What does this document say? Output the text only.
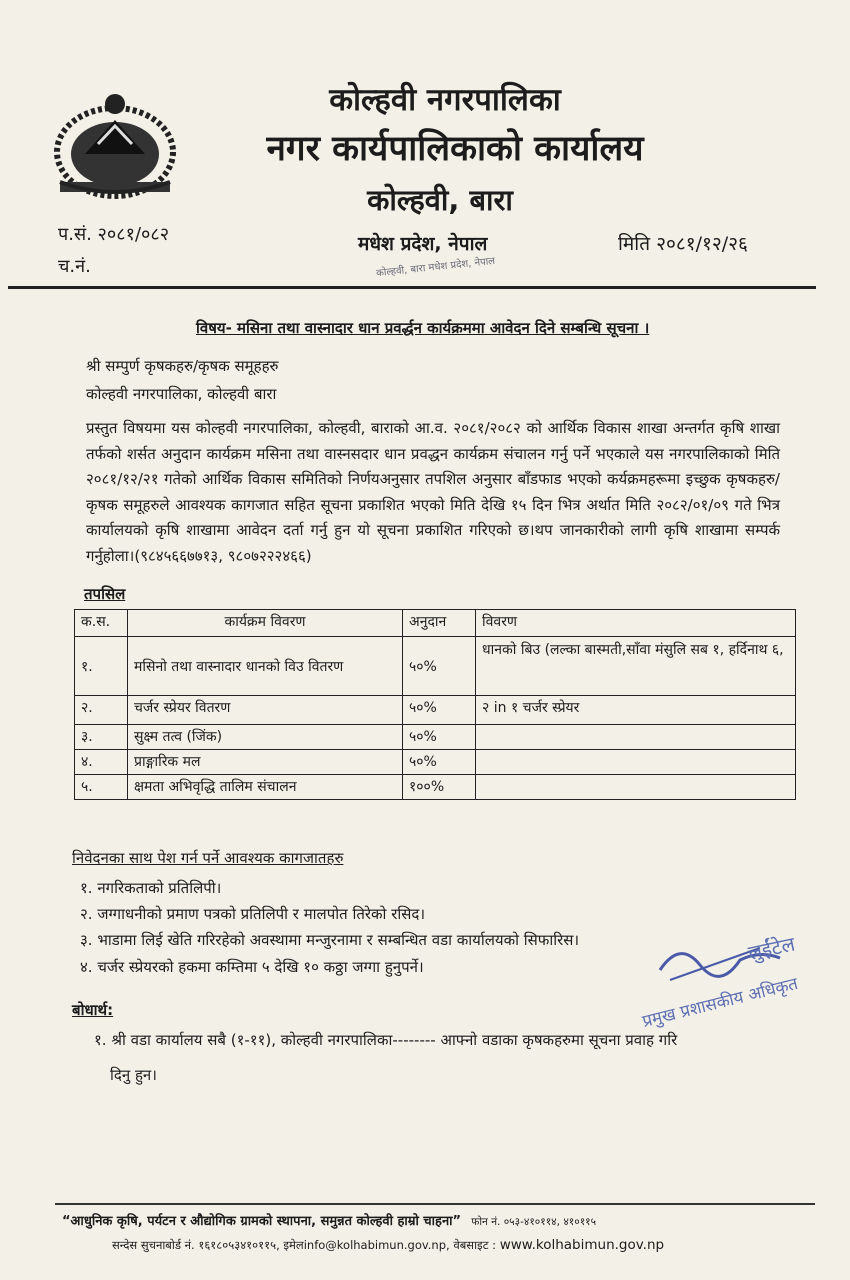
कोल्हवी नगरपालिका
नगर कार्यपालिकाको कार्यालय
कोल्हवी, बारा
मधेश प्रदेश, नेपाल
प.सं. २०८१/०८२
च.नं.
मिति २०८१/१२/२६
कोल्हवी, बारा मधेश प्रदेश, नेपाल
विषय- मसिना तथा वास्नादार धान प्रवर्द्धन कार्यक्रममा आवेदन दिने सम्बन्धि सूचना ।
श्री सम्पुर्ण कृषकहरु/कृषक समूहहरु
कोल्हवी नगरपालिका, कोल्हवी बारा

प्रस्तुत विषयमा यस कोल्हवी नगरपालिका, कोल्हवी, बाराको आ.व. २०८१/२०८२ को आर्थिक विकास शाखा अन्तर्गत कृषि शाखा तर्फको शर्सत अनुदान कार्यक्रम मसिना तथा वास्नसदार धान प्रवद्धन कार्यक्रम संचालन गर्नु पर्ने भएकाले यस नगरपालिकाको मिति २०८१/१२/२१ गतेको आर्थिक विकास समितिको निर्णयअनुसार तपशिल अनुसार बाँडफाड भएको कर्यक्रमहरूमा इच्छुक कृषकहरु/कृषक समूहरुले आवश्यक कागजात सहित सूचना प्रकाशित भएको मिति देखि १५ दिन भित्र अर्थात मिति २०८२/०१/०९ गते भित्र कार्यालयको कृषि शाखामा आवेदन दर्ता गर्नु हुन यो सूचना प्रकाशित गरिएको छ।थप जानकारीको लागी कृषि शाखामा सम्पर्क गर्नुहोला।(९८४५६६७७१३, ९८०७२२२४६६)

तपसिल
क.स.	कार्यक्रम विवरण	अनुदान	विवरण
१.	मसिनो तथा वास्नादार धानको विउ वितरण	५०%	धानको बिउ (लल्का बास्मती,साँवा मंसुलि सब १, हर्दिनाथ ६,
२.	चर्जर स्प्रेयर वितरण	५०%	२ in १ चर्जर स्प्रेयर
३.	सुक्ष्म तत्व (जिंक)	५०%	
४.	प्राङ्गारिक मल	५०%	
५.	क्षमता अभिवृद्धि तालिम संचालन	१००%	
निवेदनका साथ पेश गर्न पर्ने आवश्यक कागजातहरु
१. नगरिकताको प्रतिलिपी।
२. जग्गाधनीको प्रमाण पत्रको प्रतिलिपी र मालपोत तिरेको रसिद।
३. भाडामा लिई खेति गरिरहेको अवस्थामा मन्जुरनामा र सम्बन्धित वडा कार्यालयको सिफारिस।
४. चर्जर स्प्रेयरको हकमा कम्तिमा ५ देखि १० कठ्ठा जग्गा हुनुपर्ने।
लुईंटेल
प्रमुख प्रशासकीय अधिकृत
बोधार्थ:
१. श्री वडा कार्यालय सबै (१-११), कोल्हवी नगरपालिका-------- आफ्नो वडाका कृषकहरुमा सूचना प्रवाह गरि
दिनु हुन।
“आधुनिक कृषि, पर्यटन र औद्योगिक ग्रामको स्थापना, समुन्नत कोल्हवी हाम्रो चाहना” फोन नं. ०५३-४१०११४, ४१०११५
सन्देस सुचनाबोर्ड नं. १६१८०५३४१०११५, इमेलinfo@kolhabimun.gov.np, वेबसाइट : www.kolhabimun.gov.np
